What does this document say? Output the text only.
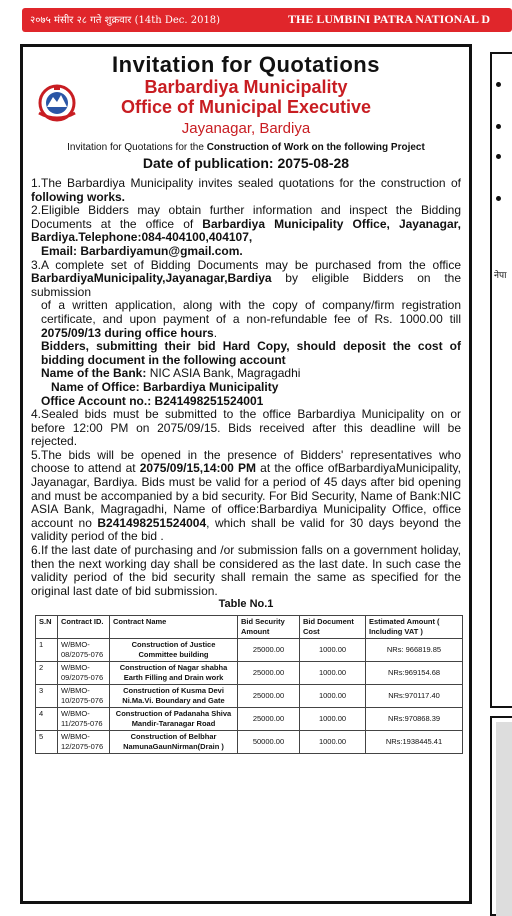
२०७५ मंसीर २८ गते शुक्रवार (14th Dec. 2018)	THE LUMBINI PATRA NATIONAL D
Invitation for Quotations
Barbardiya Municipality
Office of Municipal Executive
Jayanagar, Bardiya
Invitation for Quotations for the Construction of Work on the following Project
Date of publication: 2075-08-28

1.The Barbardiya Municipality invites sealed quotations for the construction of following works.

2.Eligible Bidders may obtain further information and inspect the Bidding Documents at the office of Barbardiya Municipality Office, Jayanagar, Bardiya.Telephone:084-404100,404107,

Email: Barbardiyamun@gmail.com.

3.A complete set of Bidding Documents may be purchased from the office BarbardiyaMunicipality,Jayanagar,Bardiya by eligible Bidders on the submission

of a written application, along with the copy of company/firm registration certificate, and upon payment of a non-refundable fee of Rs. 1000.00 till 2075/09/13 during office hours.

Bidders, submitting their bid Hard Copy, should deposit the cost of bidding document in the following account

Name of the Bank: NIC ASIA Bank, Magragadhi

Name of Office: Barbardiya Municipality

Office Account no.: B241498251524001

4.Sealed bids must be submitted to the office Barbardiya Municipality on or before 12:00 PM on 2075/09/15. Bids received after this deadline will be rejected.

5.The bids will be opened in the presence of Bidders' representatives who choose to attend at 2075/09/15,14:00 PM at the office ofBarbardiyaMunicipality, Jayanagar, Bardiya. Bids must be valid for a period of 45 days after bid opening and must be accompanied by a bid security. For Bid Security, Name of Bank:NIC ASIA Bank, Magragadhi, Name of office:Barbardiya Municipality Office, office account no B241498251524004, which shall be valid for 30 days beyond the validity period of the bid .

6.If the last date of purchasing and /or submission falls on a government holiday, then the next working day shall be considered as the last date. In such case the validity period of the bid security shall remain the same as specified for the original last date of bid submission.

Table No.1
S.N	Contract ID.	Contract Name	Bid Security Amount	Bid Document Cost	Estimated Amount ( Including VAT )
1	W/BMO-08/2075-076	Construction of Justice Committee building	25000.00	1000.00	NRs: 966819.85
2	W/BMO-09/2075-076	Construction of Nagar shabha Earth Filling and Drain work	25000.00	1000.00	NRs:969154.68
3	W/BMO-10/2075-076	Construction of Kusma Devi Ni.Ma.Vi. Boundary and Gate	25000.00	1000.00	NRs:970117.40
4	W/BMO-11/2075-076	Construction of Padanaha Shiva Mandir-Taranagar Road	25000.00	1000.00	NRs:970868.39
5	W/BMO-12/2075-076	Construction of Belbhar NamunaGaunNirman(Drain )	50000.00	1000.00	NRs:1938445.41
नेपा
